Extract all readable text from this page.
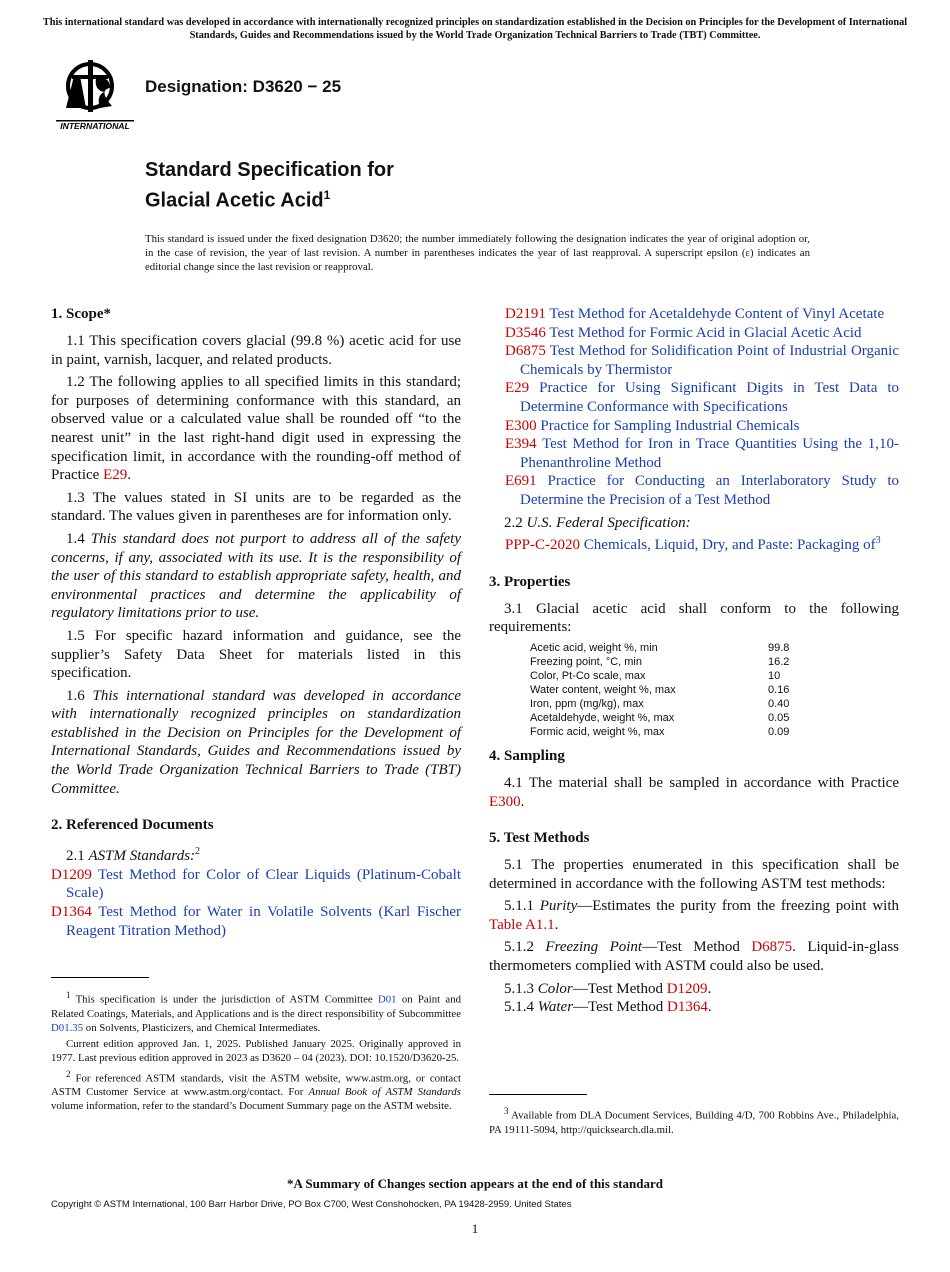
This international standard was developed in accordance with internationally recognized principles on standardization established in the Decision on Principles for the Development of International Standards, Guides and Recommendations issued by the World Trade Organization Technical Barriers to Trade (TBT) Committee.
INTERNATIONAL
Designation: D3620 − 25
Standard Specification for
Glacial Acetic Acid$^1$
This standard is issued under the fixed designation D3620; the number immediately following the designation indicates the year of original adoption or, in the case of revision, the year of last revision. A number in parentheses indicates the year of last reapproval. A superscript epsilon (ε) indicates an editorial change since the last revision or reapproval.
1. Scope*

1.1 This specification covers glacial (99.8 %) acetic acid for use in paint, varnish, lacquer, and related products.

1.2 The following applies to all specified limits in this standard; for purposes of determining conformance with this standard, an observed value or a calculated value shall be rounded off “to the nearest unit” in the last right-hand digit used in expressing the specification limit, in accordance with the rounding-off method of Practice E29.

1.3 The values stated in SI units are to be regarded as the standard. The values given in parentheses are for information only.

1.4 This standard does not purport to address all of the safety concerns, if any, associated with its use. It is the responsibility of the user of this standard to establish appropriate safety, health, and environmental practices and determine the applicability of regulatory limitations prior to use.

1.5 For specific hazard information and guidance, see the supplier’s Safety Data Sheet for materials listed in this specification.

1.6 This international standard was developed in accordance with internationally recognized principles on standardization established in the Decision on Principles for the Development of International Standards, Guides and Recommendations issued by the World Trade Organization Technical Barriers to Trade (TBT) Committee.

2. Referenced Documents

2.1 ASTM Standards:$^2$

D1209 Test Method for Color of Clear Liquids (Platinum-Cobalt Scale)
D1364 Test Method for Water in Volatile Solvents (Karl Fischer Reagent Titration Method)

$^1$ This specification is under the jurisdiction of ASTM Committee D01 on Paint and Related Coatings, Materials, and Applications and is the direct responsibility of Subcommittee D01.35 on Solvents, Plasticizers, and Chemical Intermediates.

Current edition approved Jan. 1, 2025. Published January 2025. Originally approved in 1977. Last previous edition approved in 2023 as D3620 – 04 (2023). DOI: 10.1520/D3620-25.

$^2$ For referenced ASTM standards, visit the ASTM website, www.astm.org, or contact ASTM Customer Service at www.astm.org/contact. For Annual Book of ASTM Standards volume information, refer to the standard’s Document Summary page on the ASTM website.

D2191 Test Method for Acetaldehyde Content of Vinyl Acetate
D3546 Test Method for Formic Acid in Glacial Acetic Acid
D6875 Test Method for Solidification Point of Industrial Organic Chemicals by Thermistor
E29 Practice for Using Significant Digits in Test Data to Determine Conformance with Specifications
E300 Practice for Sampling Industrial Chemicals
E394 Test Method for Iron in Trace Quantities Using the 1,10-Phenanthroline Method
E691 Practice for Conducting an Interlaboratory Study to Determine the Precision of a Test Method

2.2 U.S. Federal Specification:

PPP-C-2020 Chemicals, Liquid, Dry, and Paste: Packaging $of^3$
3. Properties

3.1 Glacial acetic acid shall conform to the following requirements:

Acetic acid, weight %, min	99.8
Freezing point, °C, min	16.2
Color, Pt-Co scale, max	10
Water content, weight %, max	0.16
Iron, ppm (mg/kg), max	0.40
Acetaldehyde, weight %, max	0.05
Formic acid, weight %, max	0.09
4. Sampling

4.1 The material shall be sampled in accordance with Practice E300.

5. Test Methods

5.1 The properties enumerated in this specification shall be determined in accordance with the following ASTM test methods:

5.1.1 Purity—Estimates the purity from the freezing point with Table A1.1.

5.1.2 Freezing Point—Test Method D6875. Liquid-in-glass thermometers complied with ASTM could also be used.

5.1.3 Color—Test Method D1209.

5.1.4 Water—Test Method D1364.

$^3$ Available from DLA Document Services, Building 4/D, 700 Robbins Ave., Philadelphia, PA 19111-5094, http://quicksearch.dla.mil.

*A Summary of Changes section appears at the end of this standard
Copyright © ASTM International, 100 Barr Harbor Drive, PO Box C700, West Conshohocken, PA 19428-2959. United States
1
